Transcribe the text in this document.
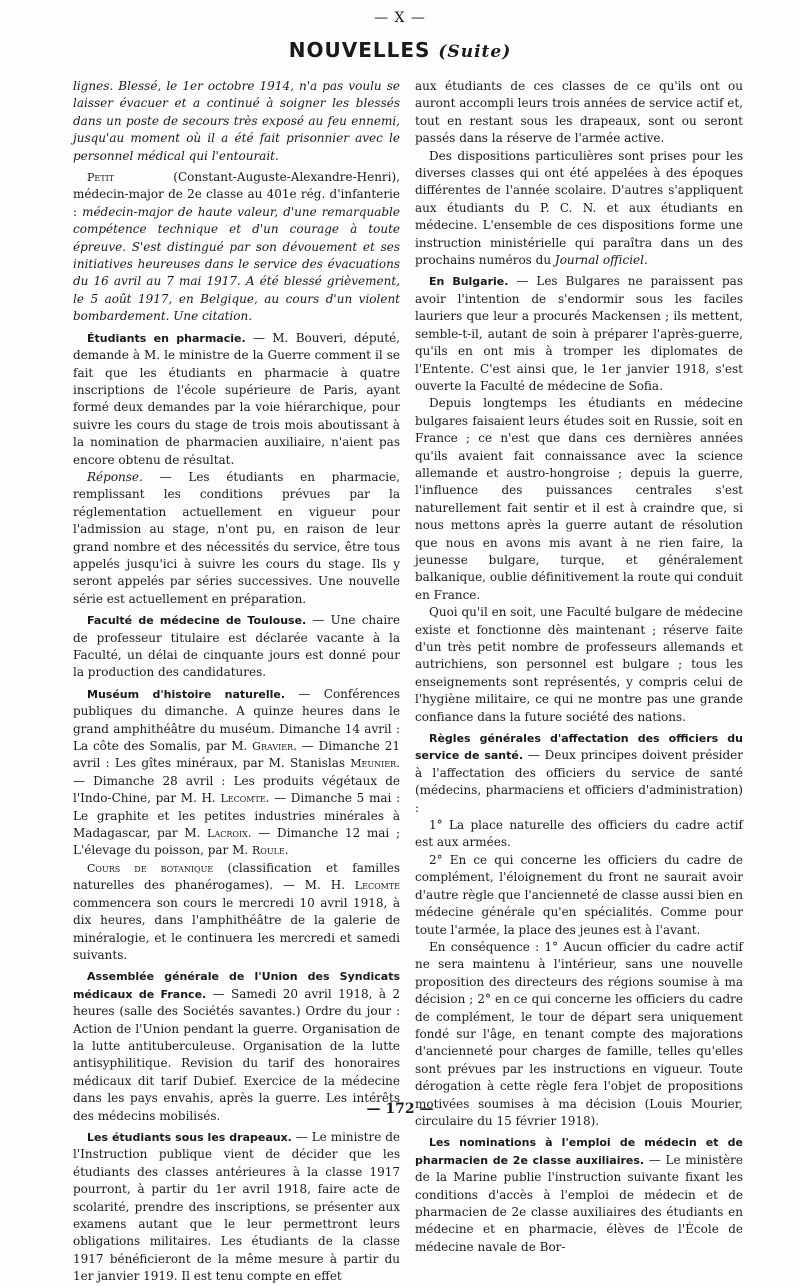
— X —
NOUVELLES (Suite)

lignes. Blessé, le 1er octobre 1914, n'a pas voulu se laisser évacuer et a continué à soigner les blessés dans un poste de secours très exposé au feu ennemi, jusqu'au moment où il a été fait prisonnier avec le personnel médical qui l'entourait.

Petit (Constant-Auguste-Alexandre-Henri), médecin-major de 2e classe au 401e rég. d'infanterie : médecin-major de haute valeur, d'une remarquable compétence technique et d'un courage à toute épreuve. S'est distingué par son dévouement et ses initiatives heureuses dans le service des évacuations du 16 avril au 7 mai 1917. A été blessé grièvement, le 5 août 1917, en Belgique, au cours d'un violent bombardement. Une citation.

Étudiants en pharmacie. — M. Bouveri, député, demande à M. le ministre de la Guerre comment il se fait que les étudiants en pharmacie à quatre inscriptions de l'école supérieure de Paris, ayant formé deux demandes par la voie hiérarchique, pour suivre les cours du stage de trois mois aboutissant à la nomination de pharmacien auxiliaire, n'aient pas encore obtenu de résultat.

Réponse. — Les étudiants en pharmacie, remplissant les conditions prévues par la réglementation actuellement en vigueur pour l'admission au stage, n'ont pu, en raison de leur grand nombre et des nécessités du service, être tous appelés jusqu'ici à suivre les cours du stage. Ils y seront appelés par séries successives. Une nouvelle série est actuellement en préparation.

Faculté de médecine de Toulouse. — Une chaire de professeur titulaire est déclarée vacante à la Faculté, un délai de cinquante jours est donné pour la production des candidatures.

Muséum d'histoire naturelle. — Conférences publiques du dimanche. A quinze heures dans le grand amphithéâtre du muséum. Dimanche 14 avril : La côte des Somalis, par M. Gravier. — Dimanche 21 avril : Les gîtes minéraux, par M. Stanislas Meunier. — Dimanche 28 avril : Les produits végétaux de l'Indo-Chine, par M. H. Lecomte. — Dimanche 5 mai : Le graphite et les petites industries minérales à Madagascar, par M. Lacroix. — Dimanche 12 mai ; L'élevage du poisson, par M. Roule.

Cours de botanique (classification et familles naturelles des phanérogames). — M. H. Lecomte commencera son cours le mercredi 10 avril 1918, à dix heures, dans l'amphithéâtre de la galerie de minéralogie, et le continuera les mercredi et samedi suivants.

Assemblée générale de l'Union des Syndicats médicaux de France. — Samedi 20 avril 1918, à 2 heures (salle des Sociétés savantes.) Ordre du jour : Action de l'Union pendant la guerre. Organisation de la lutte antituberculeuse. Organisation de la lutte antisyphilitique. Revision du tarif des honoraires médicaux dit tarif Dubief. Exercice de la médecine dans les pays envahis, après la guerre. Les intérêts des médecins mobilisés.

Les étudiants sous les drapeaux. — Le ministre de l'Instruction publique vient de décider que les étudiants des classes antérieures à la classe 1917 pourront, à partir du 1er avril 1918, faire acte de scolarité, prendre des inscriptions, se présenter aux examens autant que le leur permettront leurs obligations militaires. Les étudiants de la classe 1917 bénéficieront de la même mesure à partir du 1er janvier 1919. Il est tenu compte en effet

aux étudiants de ces classes de ce qu'ils ont ou auront accompli leurs trois années de service actif et, tout en restant sous les drapeaux, sont ou seront passés dans la réserve de l'armée active.

Des dispositions particulières sont prises pour les diverses classes qui ont été appelées à des époques différentes de l'année scolaire. D'autres s'appliquent aux étudiants du P. C. N. et aux étudiants en médecine. L'ensemble de ces dispositions forme une instruction ministérielle qui paraîtra dans un des prochains numéros du Journal officiel.

En Bulgarie. — Les Bulgares ne paraissent pas avoir l'intention de s'endormir sous les faciles lauriers que leur a procurés Mackensen ; ils mettent, semble-t-il, autant de soin à préparer l'après-guerre, qu'ils en ont mis à tromper les diplomates de l'Entente. C'est ainsi que, le 1er janvier 1918, s'est ouverte la Faculté de médecine de Sofia.

Depuis longtemps les étudiants en médecine bulgares faisaient leurs études soit en Russie, soit en France ; ce n'est que dans ces dernières années qu'ils avaient fait connaissance avec la science allemande et austro-hongroise ; depuis la guerre, l'influence des puissances centrales s'est naturellement fait sentir et il est à craindre que, si nous mettons après la guerre autant de résolution que nous en avons mis avant à ne rien faire, la jeunesse bulgare, turque, et généralement balkanique, oublie définitivement la route qui conduit en France.

Quoi qu'il en soit, une Faculté bulgare de médecine existe et fonctionne dès maintenant ; réserve faite d'un très petit nombre de professeurs allemands et autrichiens, son personnel est bulgare ; tous les enseignements sont représentés, y compris celui de l'hygiène militaire, ce qui ne montre pas une grande confiance dans la future société des nations.

Règles générales d'affectation des officiers du service de santé. — Deux principes doivent présider à l'affectation des officiers du service de santé (médecins, pharmaciens et officiers d'administration) :

1° La place naturelle des officiers du cadre actif est aux armées.

2° En ce qui concerne les officiers du cadre de complément, l'éloignement du front ne saurait avoir d'autre règle que l'ancienneté de classe aussi bien en médecine générale qu'en spécialités. Comme pour toute l'armée, la place des jeunes est à l'avant.

En conséquence : 1° Aucun officier du cadre actif ne sera maintenu à l'intérieur, sans une nouvelle proposition des directeurs des régions soumise à ma décision ; 2° en ce qui concerne les officiers du cadre de complément, le tour de départ sera uniquement fondé sur l'âge, en tenant compte des majorations d'ancienneté pour charges de famille, telles qu'elles sont prévues par les instructions en vigueur. Toute dérogation à cette règle fera l'objet de propositions motivées soumises à ma décision (Louis Mourier, circulaire du 15 février 1918).

Les nominations à l'emploi de médecin et de pharmacien de 2e classe auxiliaires. — Le ministère de la Marine publie l'instruction suivante fixant les conditions d'accès à l'emploi de médecin et de pharmacien de 2e classe auxiliaires des étudiants en médecine et en pharmacie, élèves de l'École de médecine navale de Bor-

— 172 —
